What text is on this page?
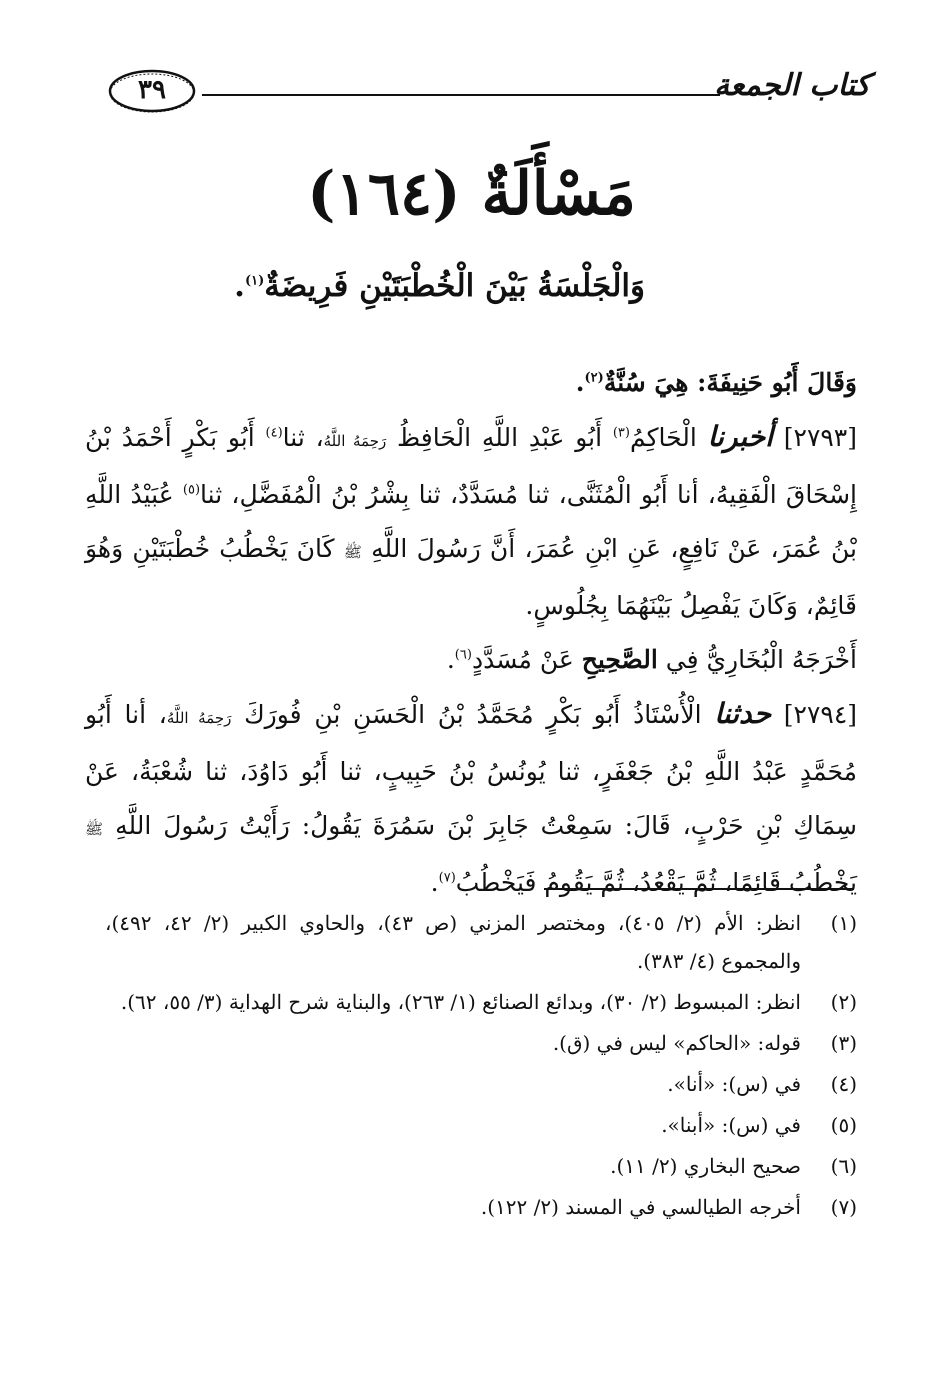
كتاب الجمعة
٣٩
مَسْأَلَةٌ (١٦٤)
وَالْجَلْسَةُ بَيْنَ الْخُطْبَتَيْنِ فَرِيضَةٌ$^{(١)}$.

وَقَالَ أَبُو حَنِيفَةَ: هِيَ سُنَّةٌ$^{(٢)}$.

[٢٧٩٣] أخبرنا الْحَاكِمُ$^{(٣)}$ أَبُو عَبْدِ اللَّهِ الْحَافِظُ رَحِمَهُ اللَّهُ، ثنا$^{(٤)}$ أَبُو بَكْرٍ أَحْمَدُ بْنُ إِسْحَاقَ الْفَقِيهُ، أنا أَبُو الْمُثَنَّى، ثنا مُسَدَّدٌ، ثنا بِشْرُ بْنُ الْمُفَضَّلِ، ثنا$^{(٥)}$ عُبَيْدُ اللَّهِ بْنُ عُمَرَ، عَنْ نَافِعٍ، عَنِ ابْنِ عُمَرَ، أَنَّ رَسُولَ اللَّهِ ﷺ كَانَ يَخْطُبُ خُطْبَتَيْنِ وَهُوَ قَائِمٌ، وَكَانَ يَفْصِلُ بَيْنَهُمَا بِجُلُوسٍ.

أَخْرَجَهُ الْبُخَارِيُّ فِي الصَّحِيحِ عَنْ مُسَدَّدٍ$^{(٦)}$.

[٢٧٩٤] حدثنا الْأُسْتَاذُ أَبُو بَكْرٍ مُحَمَّدُ بْنُ الْحَسَنِ بْنِ فُورَكَ رَحِمَهُ اللَّهُ، أنا أَبُو مُحَمَّدٍ عَبْدُ اللَّهِ بْنُ جَعْفَرٍ، ثنا يُونُسُ بْنُ حَبِيبٍ، ثنا أَبُو دَاوُدَ، ثنا شُعْبَةُ، عَنْ سِمَاكِ بْنِ حَرْبٍ، قَالَ: سَمِعْتُ جَابِرَ بْنَ سَمُرَةَ يَقُولُ: رَأَيْتُ رَسُولَ اللَّهِ ﷺ يَخْطُبُ قَائِمًا، ثُمَّ يَقْعُدُ، ثُمَّ يَقُومُ فَيَخْطُبُ$^{(٧)}$.

(١)
انظر: الأم (٢/ ٤٠٥)، ومختصر المزني (ص ٤٣)، والحاوي الكبير (٢/ ٤٢، ٤٩٢)، والمجموع (٤/ ٣٨٣).
(٢)
انظر: المبسوط (٢/ ٣٠)، وبدائع الصنائع (١/ ٢٦٣)، والبناية شرح الهداية (٣/ ٥٥، ٦٢).
(٣)
قوله: «الحاكم» ليس في (ق).
(٤)
في (س): «أنا».
(٥)
في (س): «أبنا».
(٦)
صحيح البخاري (٢/ ١١).
(٧)
أخرجه الطيالسي في المسند (٢/ ١٢٢).
